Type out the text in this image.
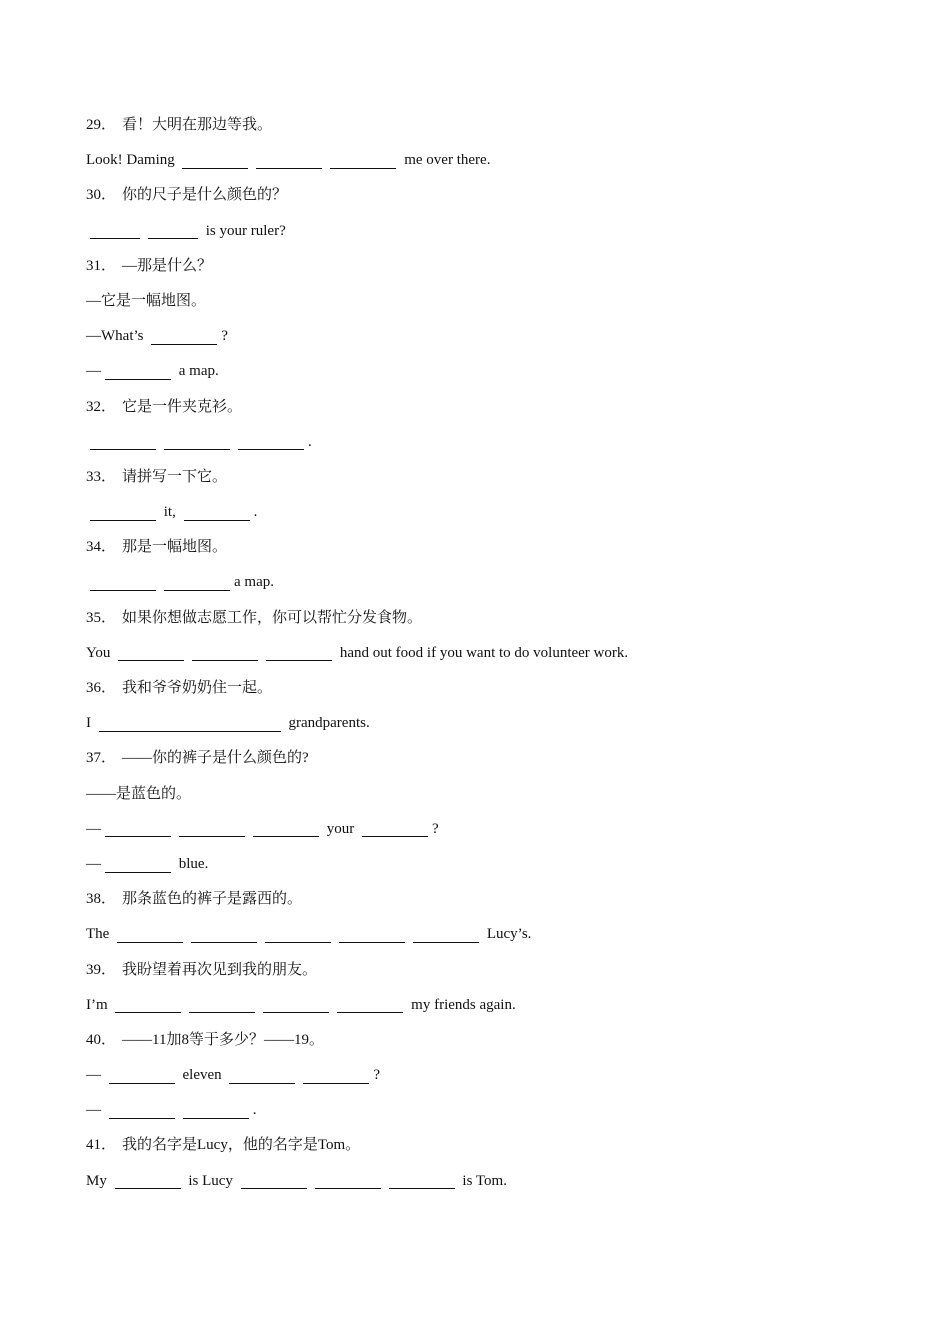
29． 看！大明在那边等我。
Look! Daming	me over there.
30． 你的尺子是什么颜色的？
is your ruler?
31． —那是什么？
—它是一幅地图。
—What’s	?
—	a map.
32． 它是一件夹克衫。
.
33． 请拼写一下它。
it,	.
34． 那是一幅地图。
a map.
35． 如果你想做志愿工作，你可以帮忙分发食物。
You	hand out food if you want to do volunteer work.
36． 我和爷爷奶奶住一起。
I	grandparents.
37． ——你的裤子是什么颜色的?
——是蓝色的。
—	your	?
—	blue.
38． 那条蓝色的裤子是露西的。
The	Lucy’s.
39． 我盼望着再次见到我的朋友。
I’m	my friends again.
40． ——11加8等于多少？——19。
—	eleven	?
—	.
41． 我的名字是Lucy，他的名字是Tom。
My	is Lucy	is Tom.
